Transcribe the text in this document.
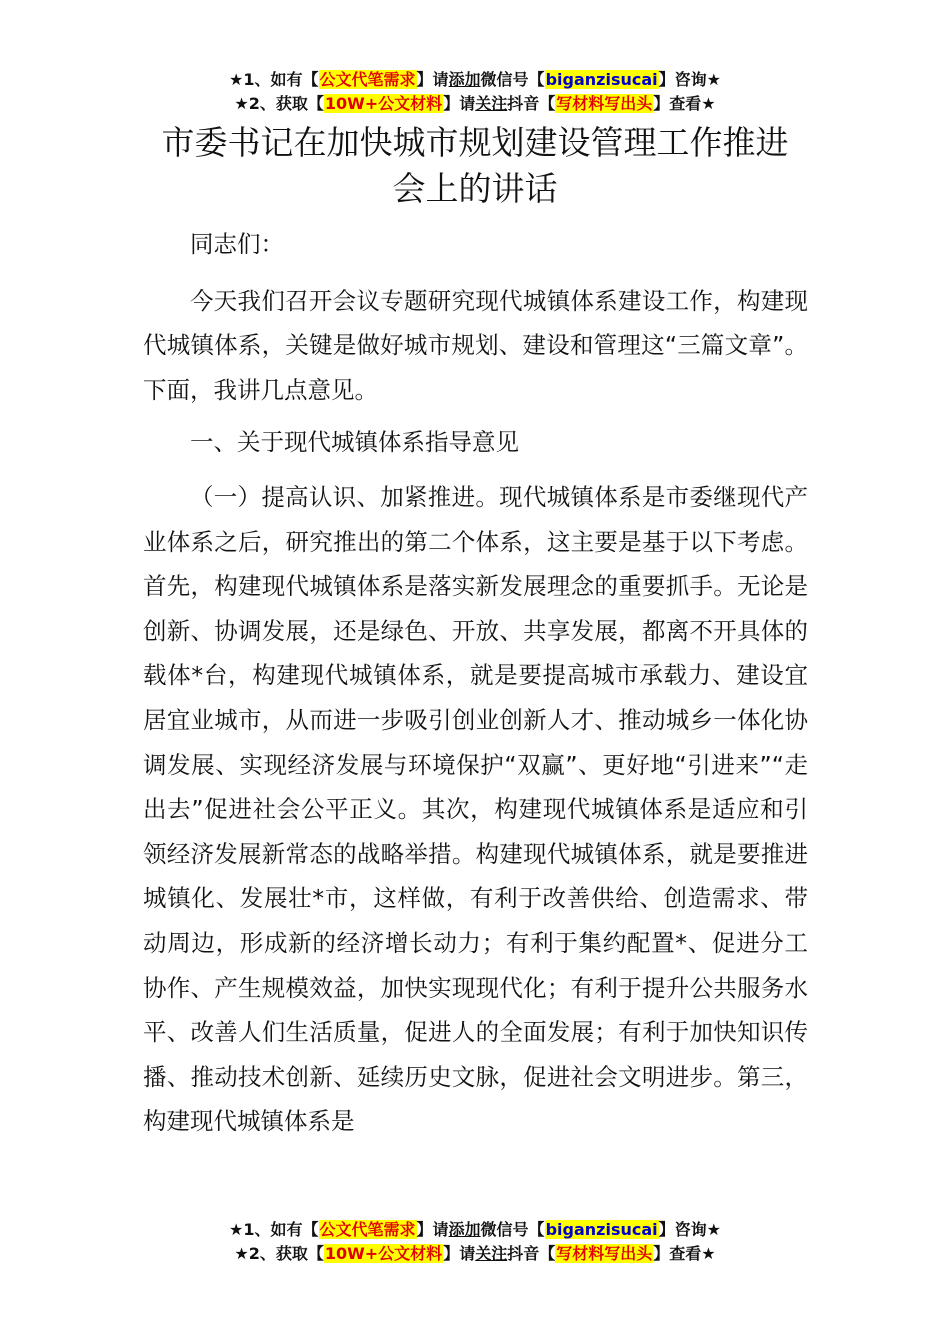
★1、如有【公文代笔需求】请添加微信号【biganzisucai】咨询★
★2、获取【10W+公文材料】请关注抖音【写材料写出头】查看★
市委书记在加快城市规划建设管理工作推进
会上的讲话

同志们：

今天我们召开会议专题研究现代城镇体系建设工作，构建现代城镇体系，关键是做好城市规划、建设和管理这“三篇文章”。下面，我讲几点意见。

一、关于现代城镇体系指导意见

（一）提高认识、加紧推进。现代城镇体系是市委继现代产业体系之后，研究推出的第二个体系，这主要是基于以下考虑。首先，构建现代城镇体系是落实新发展理念的重要抓手。无论是创新、协调发展，还是绿色、开放、共享发展，都离不开具体的载体*台，构建现代城镇体系，就是要提高城市承载力、建设宜居宜业城市，从而进一步吸引创业创新人才、推动城乡一体化协调发展、实现经济发展与环境保护“双赢”、更好地“引进来”“走出去”促进社会公平正义。其次，构建现代城镇体系是适应和引领经济发展新常态的战略举措。构建现代城镇体系，就是要推进城镇化、发展壮*市，这样做，有利于改善供给、创造需求、带动周边，形成新的经济增长动力；有利于集约配置*、促进分工协作、产生规模效益，加快实现现代化；有利于提升公共服务水平、改善人们生活质量，促进人的全面发展；有利于加快知识传播、推动技术创新、延续历史文脉，促进社会文明进步。第三，构建现代城镇体系是

★1、如有【公文代笔需求】请添加微信号【biganzisucai】咨询★
★2、获取【10W+公文材料】请关注抖音【写材料写出头】查看★
